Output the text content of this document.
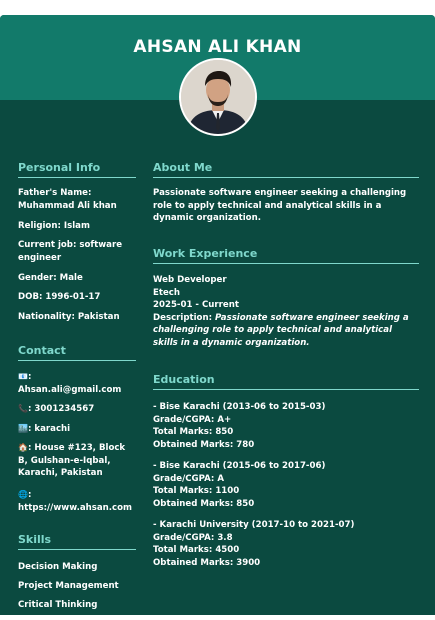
AHSAN ALI KHAN
Personal Info
Father's Name: Muhammad Ali khan
Religion: Islam
Current job: software engineer
Gender: Male
DOB: 1996-01-17
Nationality: Pakistan
Contact
📧:
Ahsan.ali@gmail.com
📞: 3001234567
🏙️: karachi
🏠: House #123, Block B, Gulshan-e-Iqbal, Karachi, Pakistan
🌐:
https://www.ahsan.com
Skills
Decision Making
Project Management
Critical Thinking
About Me
Passionate software engineer seeking a challenging role to apply technical and analytical skills in a dynamic organization.
Work Experience
Web Developer
Etech
2025-01 - Current
Description: Passionate software engineer seeking a challenging role to apply technical and analytical skills in a dynamic organization.
Education
- Bise Karachi (2013-06 to 2015-03)
Grade/CGPA: A+
Total Marks: 850
Obtained Marks: 780
- Bise Karachi (2015-06 to 2017-06)
Grade/CGPA: A
Total Marks: 1100
Obtained Marks: 850
- Karachi University (2017-10 to 2021-07)
Grade/CGPA: 3.8
Total Marks: 4500
Obtained Marks: 3900
